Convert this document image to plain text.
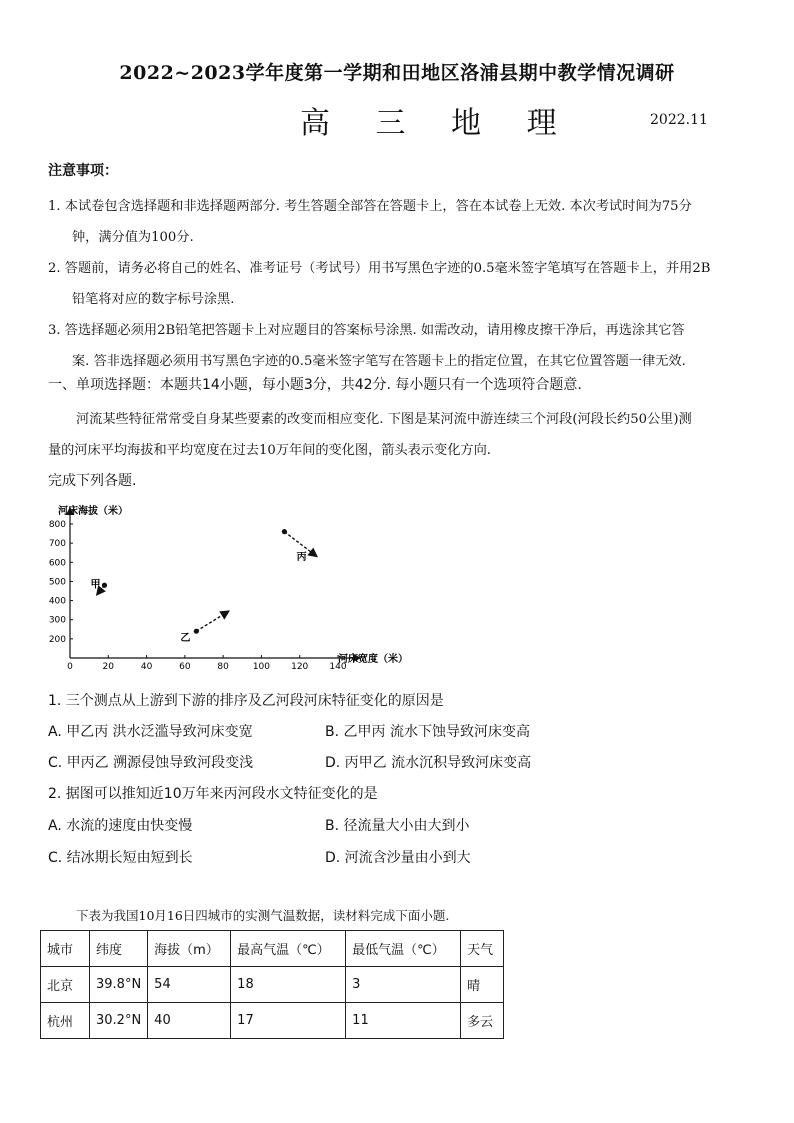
2022~2023学年度第一学期和田地区洛浦县期中教学情况调研
高 三 地 理	2022.11
注意事项：
1. 本试卷包含选择题和非选择题两部分. 考生答题全部答在答题卡上，答在本试卷上无效. 本次考试时间为75分
钟，满分值为100分.
2. 答题前，请务必将自己的姓名、准考证号（考试号）用书写黑色字迹的0.5毫米签字笔填写在答题卡上，并用2B
铅笔将对应的数字标号涂黑.
3. 答选择题必须用2B铅笔把答题卡上对应题目的答案标号涂黑. 如需改动，请用橡皮擦干净后，再选涂其它答
案. 答非选择题必须用书写黑色字迹的0.5毫米签字笔写在答题卡上的指定位置，在其它位置答题一律无效.
一、单项选择题：本题共14小题，每小题3分，共42分. 每小题只有一个选项符合题意.
河流某些特征常常受自身某些要素的改变而相应变化. 下图是某河流中游连续三个河段(河段长约50公里)测
量的河床平均海拔和平均宽度在过去10万年间的变化图，箭头表示变化方向.
完成下列各题.
河床海拔（米）
河床宽度（米）
0	20	40	60	80	100 120 140
200
300
400
500
600
700
800
甲
乙
丙
1. 三个测点从上游到下游的排序及乙河段河床特征变化的原因是
A. 甲乙丙 洪水泛滥导致河床变宽	B. 乙甲丙 流水下蚀导致河床变高
C. 甲丙乙 溯源侵蚀导致河段变浅	D. 丙甲乙 流水沉积导致河床变高
2. 据图可以推知近10万年来丙河段水文特征变化的是
A. 水流的速度由快变慢	B. 径流量大小由大到小
C. 结冰期长短由短到长	D. 河流含沙量由小到大
下表为我国10月16日四城市的实测气温数据，读材料完成下面小题.
城市	纬度	海拔（m）	最高气温（℃）	最低气温（℃）	天气
北京	39.8°N	54	18	3	晴
杭州	30.2°N	40	17	11	多云
